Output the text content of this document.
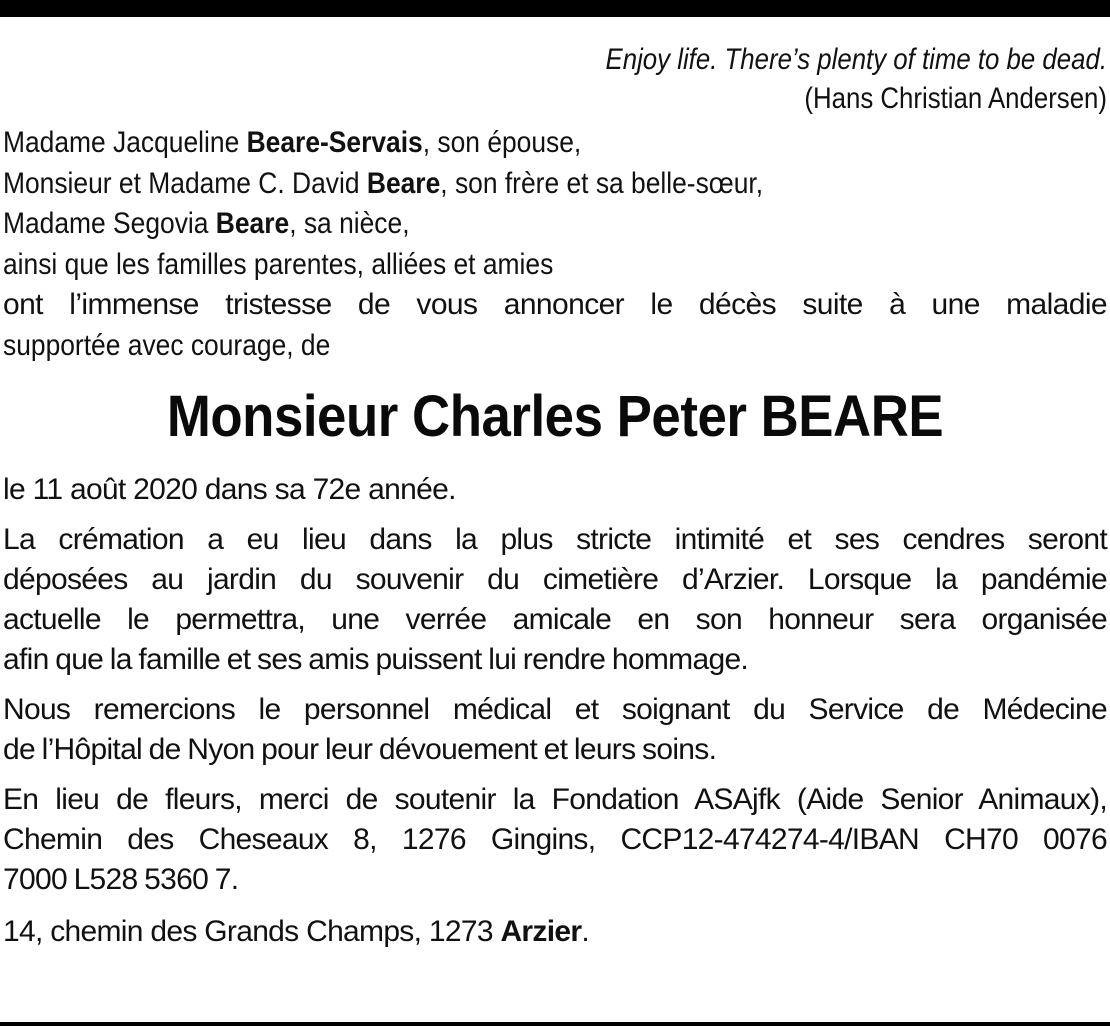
Enjoy life. There’s plenty of time to be dead.
(Hans Christian Andersen)
Madame Jacqueline Beare-Servais, son épouse,
Monsieur et Madame C. David Beare, son frère et sa belle-sœur,
Madame Segovia Beare, sa nièce,
ainsi que les familles parentes, alliées et amies
ont l’immense tristesse de vous annoncer le décès suite à une maladie
supportée avec courage, de
Monsieur Charles Peter BEARE
le 11 août 2020 dans sa 72e année.
La crémation a eu lieu dans la plus stricte intimité et ses cendres seront
déposées au jardin du souvenir du cimetière d’Arzier. Lorsque la pandémie
actuelle le permettra, une verrée amicale en son honneur sera organisée
afin que la famille et ses amis puissent lui rendre hommage.
Nous remercions le personnel médical et soignant du Service de Médecine
de l’Hôpital de Nyon pour leur dévouement et leurs soins.
En lieu de fleurs, merci de soutenir la Fondation ASAjfk (Aide Senior Animaux),
Chemin des Cheseaux 8, 1276 Gingins, CCP12-474274-4/IBAN CH70 0076
7000 L528 5360 7.
14, chemin des Grands Champs, 1273 Arzier.
